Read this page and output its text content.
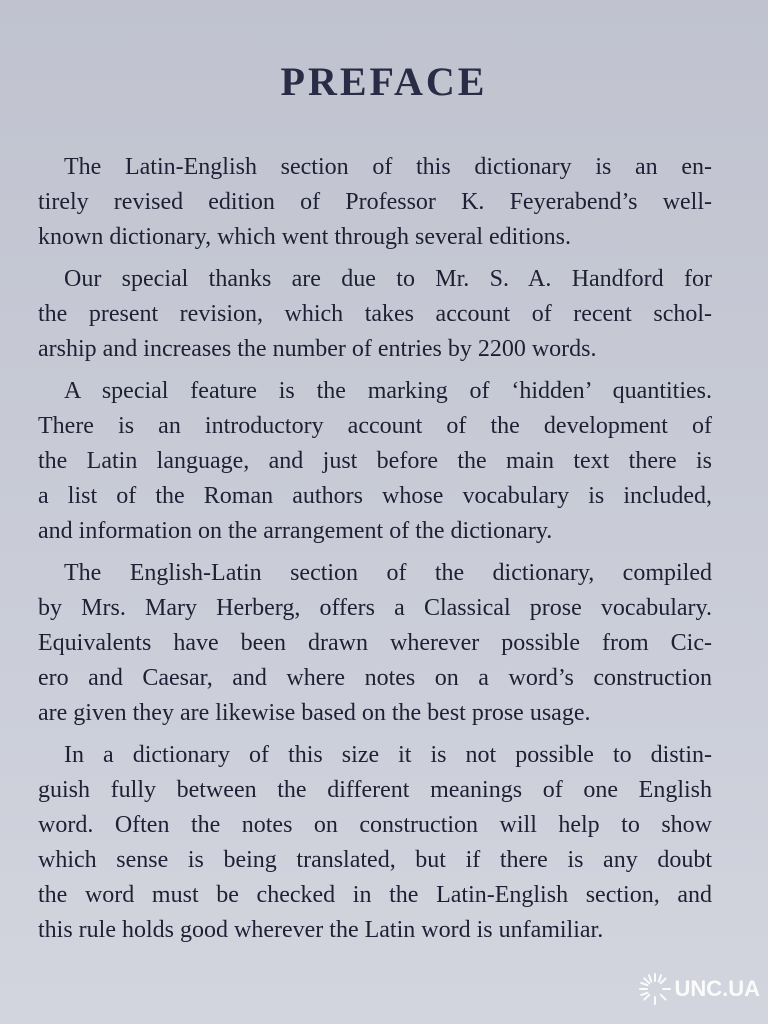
PREFACE
The Latin-English section of this dictionary is an en-
tirely revised edition of Professor K. Feyerabend’s well-
known dictionary, which went through several editions.
Our special thanks are due to Mr. S. A. Handford for
the present revision, which takes account of recent schol-
arship and increases the number of entries by 2200 words.
A special feature is the marking of ‘hidden’ quantities.
There is an introductory account of the development of
the Latin language, and just before the main text there is
a list of the Roman authors whose vocabulary is included,
and information on the arrangement of the dictionary.
The English-Latin section of the dictionary, compiled
by Mrs. Mary Herberg, offers a Classical prose vocabulary.
Equivalents have been drawn wherever possible from Cic-
ero and Caesar, and where notes on a word’s construction
are given they are likewise based on the best prose usage.
In a dictionary of this size it is not possible to distin-
guish fully between the different meanings of one English
word. Often the notes on construction will help to show
which sense is being translated, but if there is any doubt
the word must be checked in the Latin-English section, and
this rule holds good wherever the Latin word is unfamiliar.
UNC.UA
